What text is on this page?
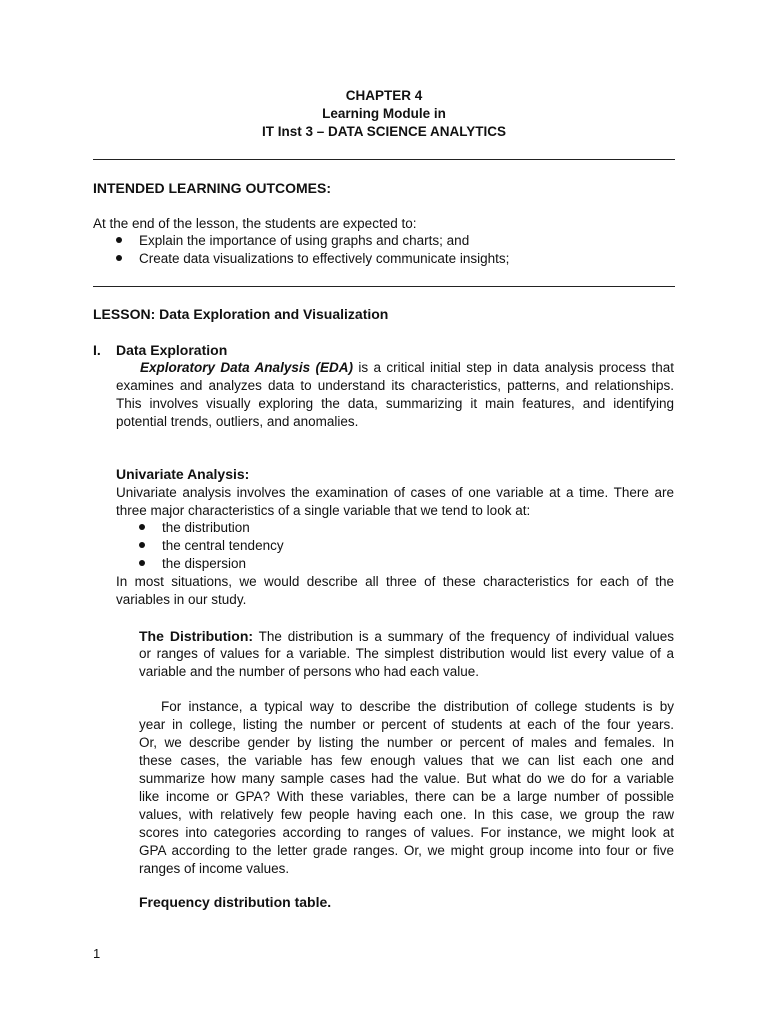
CHAPTER 4
Learning Module in
IT Inst 3 – DATA SCIENCE ANALYTICS
INTENDED LEARNING OUTCOMES:
At the end of the lesson, the students are expected to:
Explain the importance of using graphs and charts; and
Create data visualizations to effectively communicate insights;
LESSON: Data Exploration and Visualization
I. Data Exploration
Exploratory Data Analysis (EDA) is a critical initial step in data analysis process that
examines and analyzes data to understand its characteristics, patterns, and relationships.
This involves visually exploring the data, summarizing it main features, and identifying
potential trends, outliers, and anomalies.
Univariate Analysis:
Univariate analysis involves the examination of cases of one variable at a time. There are
three major characteristics of a single variable that we tend to look at:
the distribution
the central tendency
the dispersion
In most situations, we would describe all three of these characteristics for each of the
variables in our study.
The Distribution: The distribution is a summary of the frequency of individual values
or ranges of values for a variable. The simplest distribution would list every value of a
variable and the number of persons who had each value.
For instance, a typical way to describe the distribution of college students is by
year in college, listing the number or percent of students at each of the four years.
Or, we describe gender by listing the number or percent of males and females. In
these cases, the variable has few enough values that we can list each one and
summarize how many sample cases had the value. But what do we do for a variable
like income or GPA? With these variables, there can be a large number of possible
values, with relatively few people having each one. In this case, we group the raw
scores into categories according to ranges of values. For instance, we might look at
GPA according to the letter grade ranges. Or, we might group income into four or five
ranges of income values.
Frequency distribution table.
1
